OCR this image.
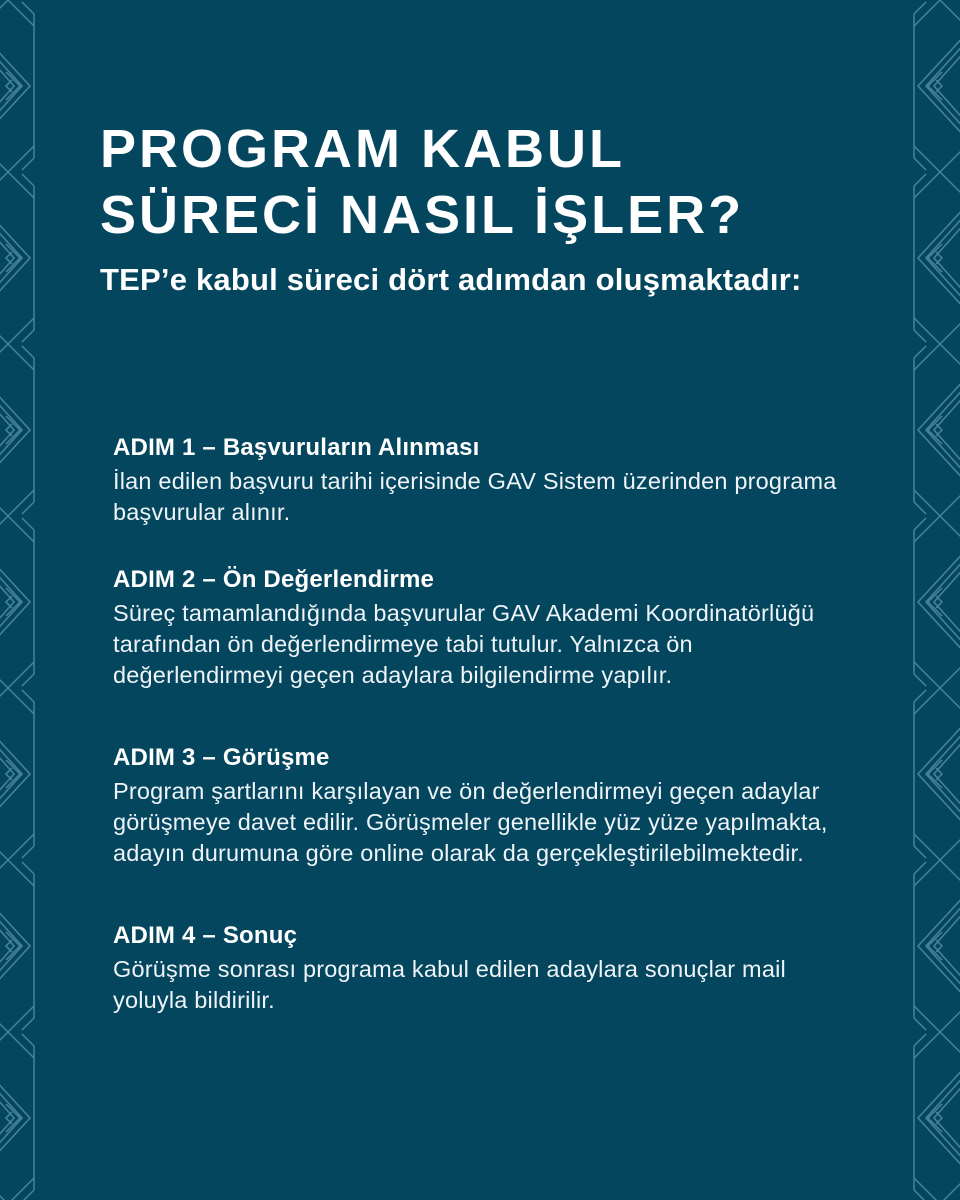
PROGRAM KABUL
SÜRECİ NASIL İŞLER?

TEP’e kabul süreci dört adımdan oluşmaktadır:

ADIM 1 – Başvuruların Alınması

İlan edilen başvuru tarihi içerisinde GAV Sistem üzerinden programa
başvurular alınır.

ADIM 2 – Ön Değerlendirme

Süreç tamamlandığında başvurular GAV Akademi Koordinatörlüğü
tarafından ön değerlendirmeye tabi tutulur. Yalnızca ön
değerlendirmeyi geçen adaylara bilgilendirme yapılır.

ADIM 3 – Görüşme

Program şartlarını karşılayan ve ön değerlendirmeyi geçen adaylar
görüşmeye davet edilir. Görüşmeler genellikle yüz yüze yapılmakta,
adayın durumuna göre online olarak da gerçekleştirilebilmektedir.

ADIM 4 – Sonuç

Görüşme sonrası programa kabul edilen adaylara sonuçlar mail
yoluyla bildirilir.
